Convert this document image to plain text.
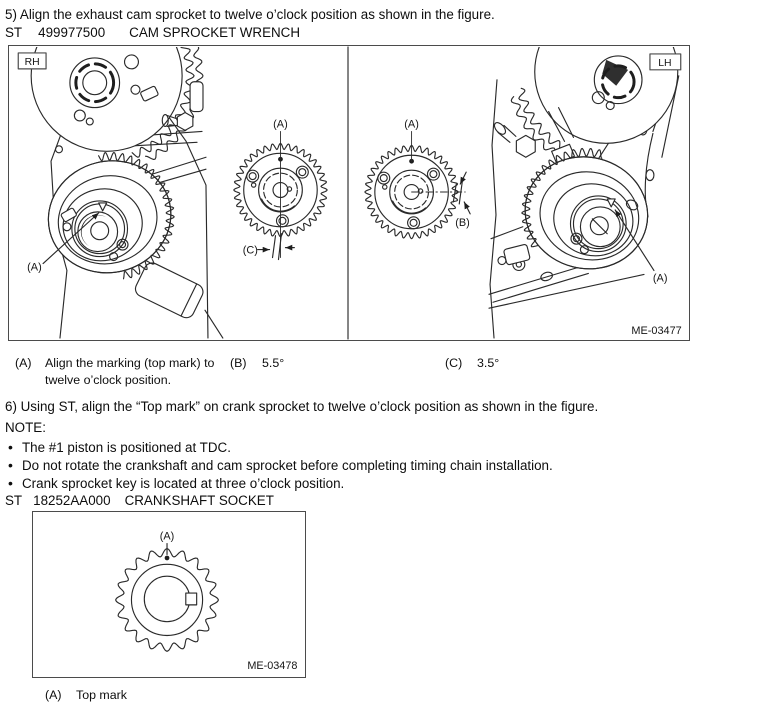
5) Align the exhaust cam sprocket to twelve o’clock position as shown in the figure.
ST 499977500 CAM SPROCKET WRENCH
RH	LH
(A)
(A)
(C)
(A)
(B)
(A)
ME-03477
(A) Align the marking (top mark) to
twelve o’clock position.
(B) 5.5°	(C) 3.5°
6) Using ST, align the “Top mark” on crank sprocket to twelve o’clock position as shown in the figure.
NOTE:
• The #1 piston is positioned at TDC.
• Do not rotate the crankshaft and cam sprocket before completing timing chain installation.
• Crank sprocket key is located at three o’clock position.
ST 18252AA000 CRANKSHAFT SOCKET
(A)
ME-03478
(A) Top mark
